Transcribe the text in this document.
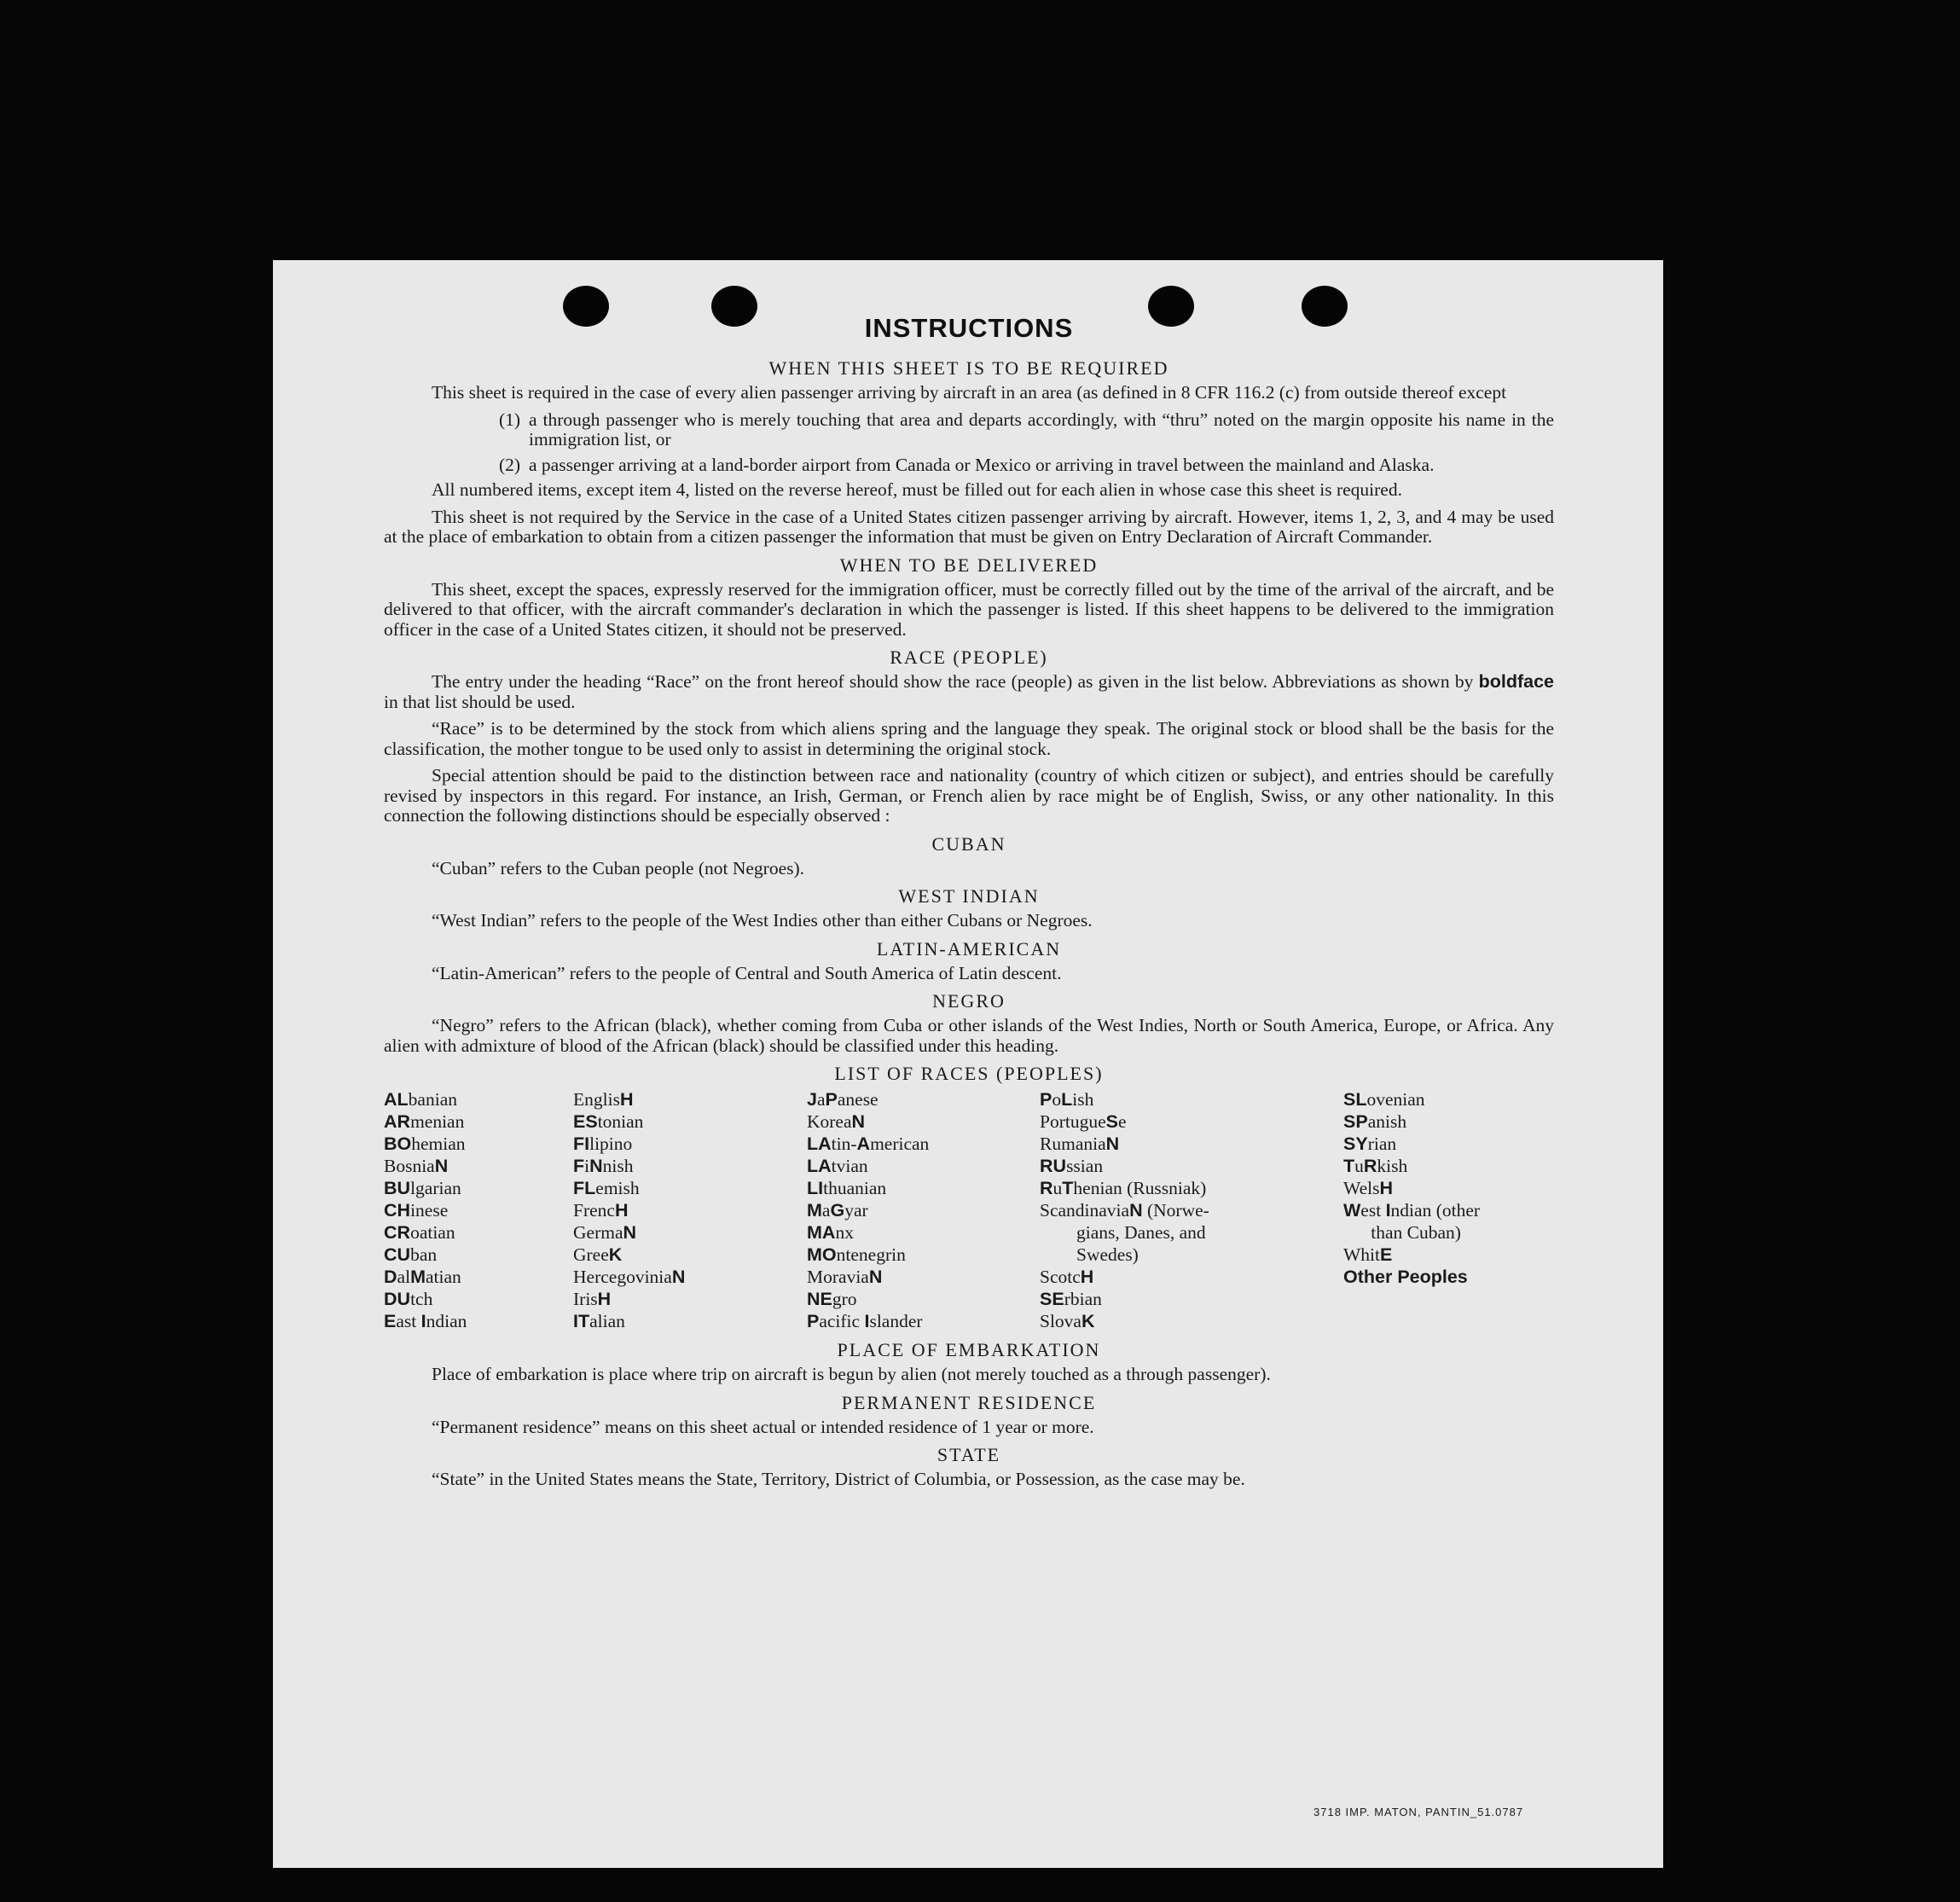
INSTRUCTIONS
WHEN THIS SHEET IS TO BE REQUIRED

This sheet is required in the case of every alien passenger arriving by aircraft in an area (as defined in 8 CFR 116.2 (c) from outside thereof except

(1) a through passenger who is merely touching that area and departs accordingly, with “thru” noted on the margin opposite his name in the immigration list, or
(2) a passenger arriving at a land-border airport from Canada or Mexico or arriving in travel between the mainland and Alaska.

All numbered items, except item 4, listed on the reverse hereof, must be filled out for each alien in whose case this sheet is required.

This sheet is not required by the Service in the case of a United States citizen passenger arriving by aircraft. However, items 1, 2, 3, and 4 may be used at the place of embarkation to obtain from a citizen passenger the information that must be given on Entry Declaration of Aircraft Commander.

WHEN TO BE DELIVERED

This sheet, except the spaces, expressly reserved for the immigration officer, must be correctly filled out by the time of the arrival of the aircraft, and be delivered to that officer, with the aircraft commander's declaration in which the passenger is listed. If this sheet happens to be delivered to the immigration officer in the case of a United States citizen, it should not be preserved.

RACE (PEOPLE)

The entry under the heading “Race” on the front hereof should show the race (people) as given in the list below. Abbreviations as shown by boldface in that list should be used.

“Race” is to be determined by the stock from which aliens spring and the language they speak. The original stock or blood shall be the basis for the classification, the mother tongue to be used only to assist in determining the original stock.

Special attention should be paid to the distinction between race and nationality (country of which citizen or subject), and entries should be carefully revised by inspectors in this regard. For instance, an Irish, German, or French alien by race might be of English, Swiss, or any other nationality. In this connection the following distinctions should be especially observed :

CUBAN

“Cuban” refers to the Cuban people (not Negroes).

WEST INDIAN

“West Indian” refers to the people of the West Indies other than either Cubans or Negroes.

LATIN-AMERICAN

“Latin-American” refers to the people of Central and South America of Latin descent.

NEGRO

“Negro” refers to the African (black), whether coming from Cuba or other islands of the West Indies, North or South America, Europe, or Africa. Any alien with admixture of blood of the African (black) should be classified under this heading.

LIST OF RACES (PEOPLES)
ALbanian
ARmenian
BOhemian
BosniaN
BUlgarian
CHinese
CRoatian
CUban
DalMatian
DUtch
East Indian
EnglisH
EStonian
FIlipino
FiNnish
FLemish
FrencH
GermaN
GreeK
HercegoviniaN
IrisH
ITalian
JaPanese
KoreaN
LAtin-American
LAtvian
LIthuanian
MaGyar
MAnx
MOntenegrin
MoraviaN
NEgro
Pacific Islander
PoLish
PortugueSe
RumaniaN
RUssian
RuThenian (Russniak)
ScandinaviaN (Norwe-
gians, Danes, and
Swedes)
ScotcH
SErbian
SlovaK
SLovenian
SPanish
SYrian
TuRkish
WelsH
West Indian (other
than Cuban)
WhitE
Other Peoples
PLACE OF EMBARKATION

Place of embarkation is place where trip on aircraft is begun by alien (not merely touched as a through passenger).

PERMANENT RESIDENCE

“Permanent residence” means on this sheet actual or intended residence of 1 year or more.

STATE

“State” in the United States means the State, Territory, District of Columbia, or Possession, as the case may be.

3718 IMP. MATON, PANTIN_51.0787
